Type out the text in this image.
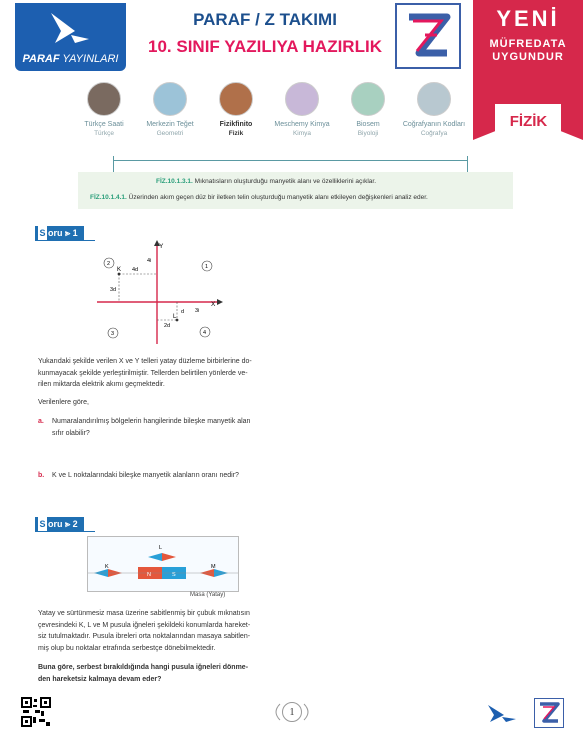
PARAF YAYINLARI
PARAF / Z TAKIMI
10. SINIF YAZILIYA HAZIRLIK
YENİ
MÜFREDATA
UYGUNDUR
FİZİK
Türkçe Saati
Türkçe
Merkezin Teğet
Geometri
Fizikfinito
Fizik
Meschemy Kimya
Kimya
Biosem
Biyoloji
Coğrafyanın Kodları
Coğrafya
FİZ.10.1.3.1. Mıknatısların oluşturduğu manyetik alanı ve özelliklerini açıklar.
FİZ.10.1.4.1. Üzerinden akım geçen düz bir iletken telin oluşturduğu manyetik alanı etkileyen değişkenleri analiz eder.
S oru ⪢ 1
Y
X
K
L
4i
3i
4d
3d
2d
d
2	1
3	4
Yukarıdaki şekilde verilen X ve Y telleri yatay düzleme birbirlerine do-
kunmayacak şekilde yerleştirilmiştir. Tellerden belirtilen yönlerde ve-
rilen miktarda elektrik akımı geçmektedir.
Verilenlere göre,
a. Numaralandırılmış bölgelerin hangilerinde bileşke manyetik alan
sıfır olabilir?
b. K ve L noktalarındaki bileşke manyetik alanların oranı nedir?
S oru ⪢ 2
K
L
M
N	S
Masa (Yatay)
Yatay ve sürtünmesiz masa üzerine sabitlenmiş bir çubuk mıknatısın
çevresindeki K, L ve M pusula iğneleri şekildeki konumlarda hareket-
siz tutulmaktadır. Pusula ibreleri orta noktalarından masaya sabitlen-
miş olup bu noktalar etrafında serbestçe dönebilmektedir.
Buna göre, serbest bırakıldığında hangi pusula iğneleri dönme-
den hareketsiz kalmaya devam eder?
1
